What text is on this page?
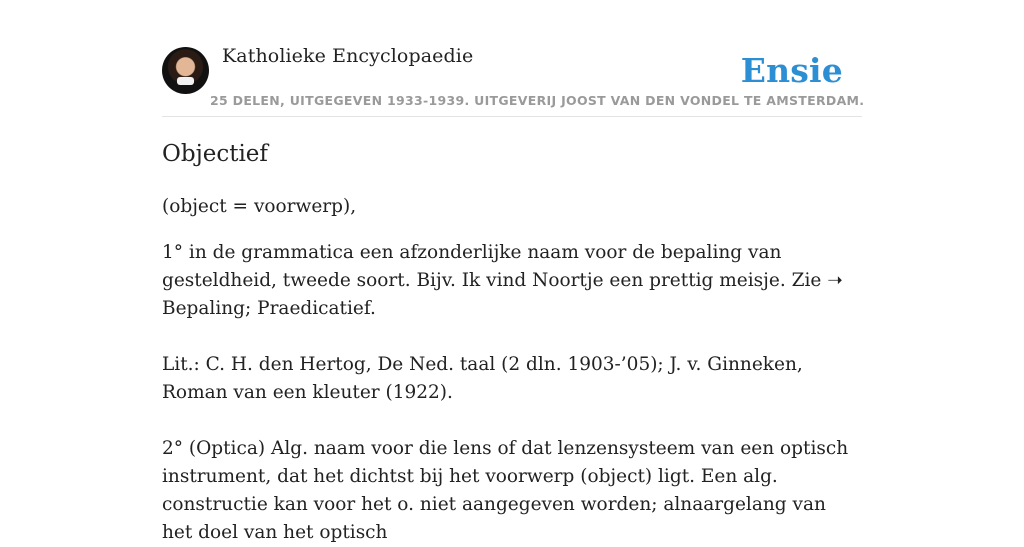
Katholieke Encyclopaedie	Ensie
25 DELEN, UITGEGEVEN 1933-1939. UITGEVERIJ JOOST VAN DEN VONDEL TE AMSTERDAM.
Objectief

(object = voorwerp),

1° in de grammatica een afzonderlijke naam voor de bepaling van gesteldheid, tweede soort. Bijv. Ik vind Noortje een prettig meisje. Zie ➝ Bepaling; Praedicatief.

Lit.: C. H. den Hertog, De Ned. taal (2 dln. 1903-’05); J. v. Ginneken, Roman van een kleuter (1922).

2° (Optica) Alg. naam voor die lens of dat lenzensysteem van een optisch instrument, dat het dichtst bij het voorwerp (object) ligt. Een alg. constructie kan voor het o. niet aangegeven worden; alnaargelang van het doel van het optisch
